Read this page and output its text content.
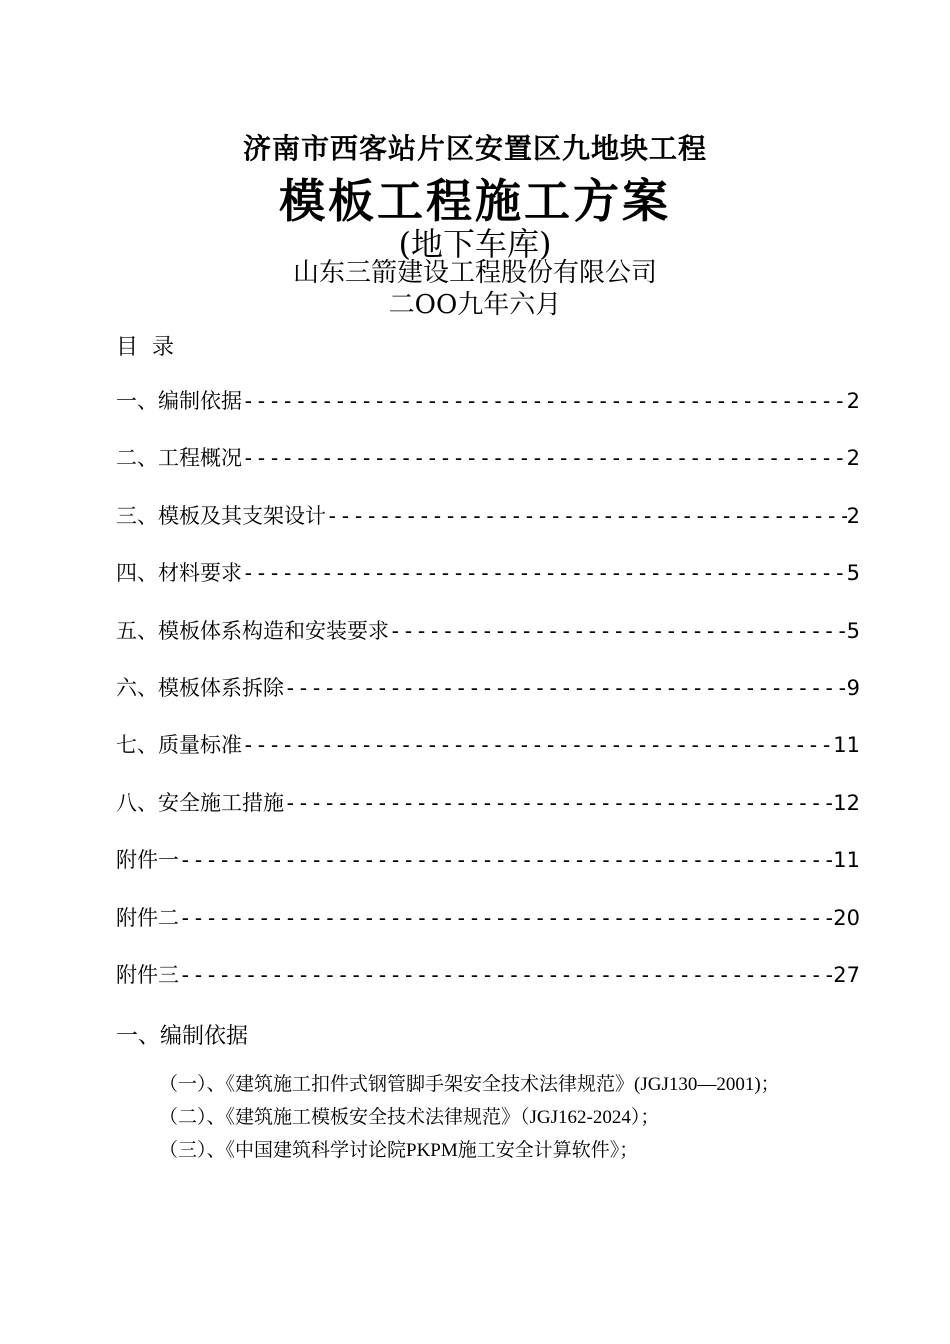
济南市西客站片区安置区九地块工程
模板工程施工方案
(地下车库)
山东三箭建设工程股份有限公司
二OO九年六月
目  录
一、编制依据 -----	2
二、工程概况 -----	2
三、模板及其支架设计 -----	2
四、材料要求 -----	5
五、模板体系构造和安装要求 -----	5
六、模板体系拆除 -----	9
七、质量标准 -----	11
八、安全施工措施 -----	12
附件一 -----	11
附件二 -----	20
附件三 -----	27
一、编制依据

（一）、《建筑施工扣件式钢管脚手架安全技术法律规范》(JGJ130—2001)；

（二）、《建筑施工模板安全技术法律规范》（JGJ162-2024）；

（三）、《中国建筑科学讨论院PKPM施工安全计算软件》；
